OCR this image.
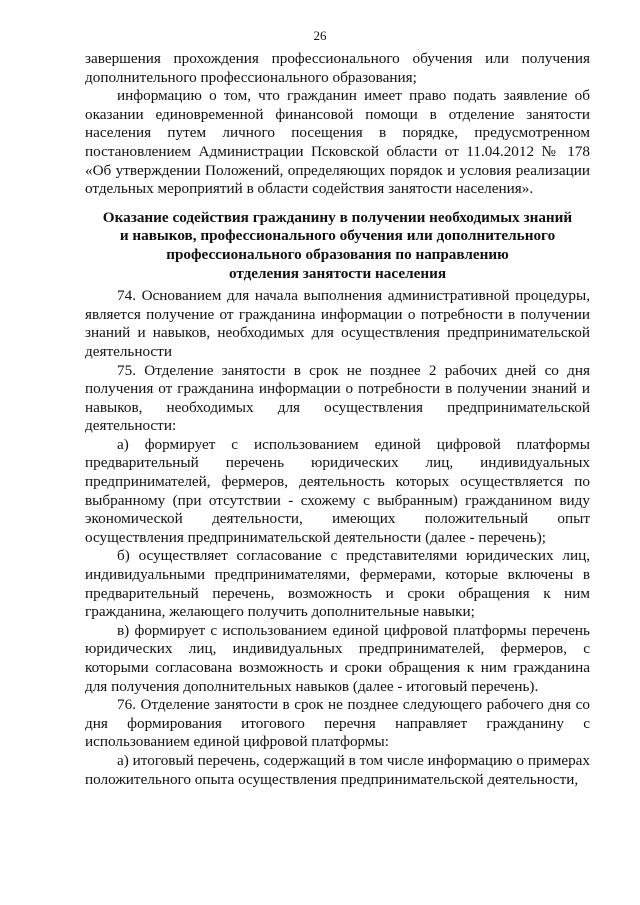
26

завершения прохождения профессионального обучения или получения дополнительного профессионального образования;

информацию о том, что гражданин имеет право подать заявление об оказании единовременной финансовой помощи в отделение занятости населения путем личного посещения в порядке, предусмотренном постановлением Администрации Псковской области от 11.04.2012 № 178 «Об утверждении Положений, определяющих порядок и условия реализации отдельных мероприятий в области содействия занятости населения».

Оказание содействия гражданину в получении необходимых знаний
и навыков, профессионального обучения или дополнительного
профессионального образования по направлению
отделения занятости населения

74. Основанием для начала выполнения административной процедуры, является получение от гражданина информации о потребности в получении знаний и навыков, необходимых для осуществления предпринимательской деятельности

75. Отделение занятости в срок не позднее 2 рабочих дней со дня получения от гражданина информации о потребности в получении знаний и навыков, необходимых для осуществления предпринимательской деятельности:

а) формирует с использованием единой цифровой платформы предварительный перечень юридических лиц, индивидуальных предпринимателей, фермеров, деятельность которых осуществляется по выбранному (при отсутствии - схожему с выбранным) гражданином виду экономической деятельности, имеющих положительный опыт осуществления предпринимательской деятельности (далее - перечень);

б) осуществляет согласование с представителями юридических лиц, индивидуальными предпринимателями, фермерами, которые включены в предварительный перечень, возможность и сроки обращения к ним гражданина, желающего получить дополнительные навыки;

в) формирует с использованием единой цифровой платформы перечень юридических лиц, индивидуальных предпринимателей, фермеров, с которыми согласована возможность и сроки обращения к ним гражданина для получения дополнительных навыков (далее - итоговый перечень).

76. Отделение занятости в срок не позднее следующего рабочего дня со дня формирования итогового перечня направляет гражданину с использованием единой цифровой платформы:

а) итоговый перечень, содержащий в том числе информацию о примерах положительного опыта осуществления предпринимательской деятельности,
